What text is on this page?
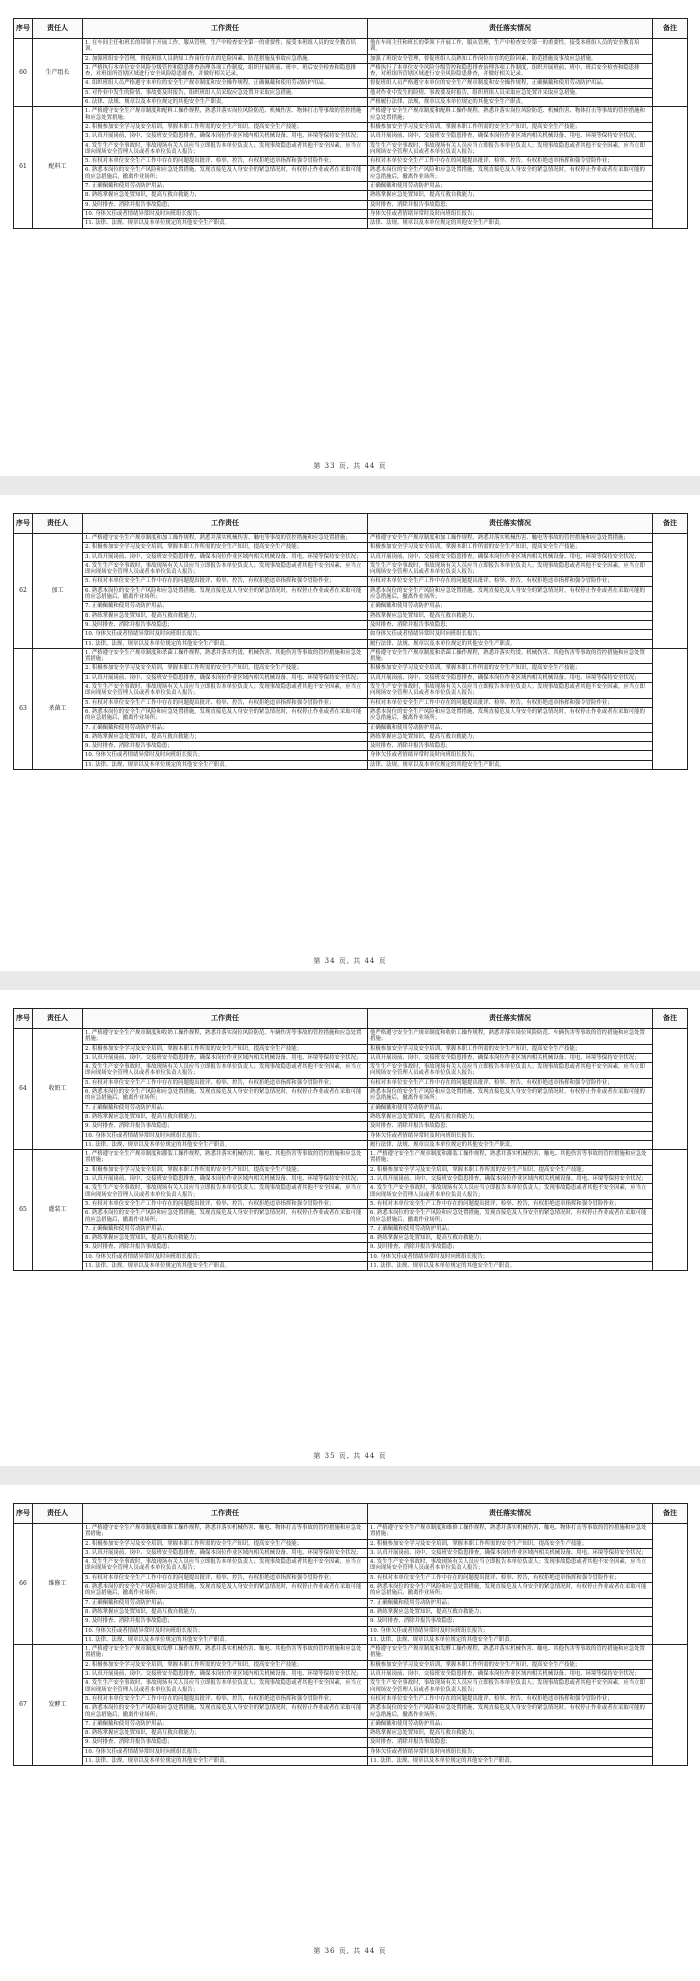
序号	责任人	工作责任	责任落实情况	备注
60	生产组长	1. 在车间主任和班长的带领下开展工作，服从管理，生产中检查安全第一的重要性；接受本班组人员的安全教育培训。	他在车间主任和班长的带领下开展工作，服从管理，生产中检查安全第一的重要性，接受本班组人员的安全教育培训。	
		2. 加强班组安全管理，督促班组人员熟知工作岗位存在的危险因素、防范措施及事故应急措施。	加强了班组安全管理，督促班组人员熟知工作岗位存在的危险因素、防范措施及事故应急措施。	
		3. 严格执行本单位安全风险分级管控和隐患排查治理各项工作制度，组织开展班前、班中、班后安全检查和隐患排查，对班组所管辖区域进行安全风险隐患排查，并做好相关记录。	严格执行了本单位安全风险分级管控和隐患排查治理各项工作制度，组织开展班前、班中、班后安全检查和隐患排查，对班组所管辖区域进行安全风险隐患排查，并做好相关记录。	
		4. 组织班组人员严格遵守本单位的安全生产规章制度和安全操作规程，正确佩戴和使用劳动防护用品。	督促班组人员严格遵守本单位的安全生产规章制度和安全操作规程，正确佩戴和使用劳动防护用品。	
		5. 对作业中发生的险情、事故要及时报告，组织班组人员采取应急处置并采取应急措施。	他对作业中发生的险情、事故要及时报告，组织班组人员采取应急处置并采取应急措施。	
		6. 法律、法规、规章以及本单位规定的其他安全生产职责。	严格履行法律、法规、规章以及本单位规定的其他安全生产职责。	
61	配料工	1. 严格遵守安全生产规章制度和配料工操作规程，熟悉并落实岗位风险防范、机械伤害、物体打击等事故的管控措施和应急处置措施；	严格遵守安全生产规章制度和配料工操作规程，熟悉并落实岗位风险防范、机械伤害、物体打击等事故的管控措施和应急处置措施；	
		2. 积极参加安全学习及安全培训，掌握本职工作所需的安全生产知识，提高安全生产技能；	积极参加安全学习及安全培训，掌握本职工作所需的安全生产知识，提高安全生产技能；	
		3. 认真开展岗前、岗中、交接班安全隐患排查，确保本岗位作业区域内相关机械设备、用电、环境等保持安全状况；	认真开展岗前、岗中、交接班安全隐患排查，确保本岗位作业区域内相关机械设备、用电、环境等保持安全状况；	
		4. 发生生产安全事故时，事故现场有关人员应当立即报告本单位负责人；发现事故隐患或者其他不安全因素，应当立即向现场安全管理人员或者本单位负责人报告；	发生生产安全事故时，事故现场有关人员应当立即报告本单位负责人；发现事故隐患或者其他不安全因素，应当立即向现场安全管理人员或者本单位负责人报告；	
		5. 有权对本单位安全生产工作中存在的问题提出批评、检举、控告，有权拒绝违章指挥和强令冒险作业；	有权对本单位安全生产工作中存在的问题提出批评、检举、控告，有权拒绝违章指挥和强令冒险作业；	
		6. 熟悉本岗位的安全生产风险和应急处置措施，发现直接危及人身安全的紧急情况时，有权停止作业或者在采取可能的应急措施后，撤离作业场所；	熟悉本岗位的安全生产风险和应急处置措施，发现直接危及人身安全的紧急情况时，有权停止作业或者在采取可能的应急措施后，撤离作业场所；	
		7. 正确佩戴和使用劳动防护用品；	正确佩戴和使用劳动防护用品；	
		8. 熟练掌握应急处置知识，提高互救自救能力；	熟练掌握应急处置知识，提高互救自救能力；	
		9. 及时排查、消除并报告事故隐患；	及时排查、消除并报告事故隐患；	
		10. 身体欠佳或者情绪异常时及时向班组长报告；	身体欠佳或者情绪异常时及时向班组长报告；	
		11. 法律、法规、规章以及本单位规定的其他安全生产职责。	法律、法规、规章以及本单位规定的其他安全生产职责。	
第 33 页, 共 44 页
序号	责任人	工作责任	责任落实情况	备注
62	加工	1. 严格遵守安全生产规章制度和加工操作规程，熟悉并落实机械伤害、触电等事故的管控措施和应急处置措施；	严格遵守安全生产规章制度和加工操作规程，熟悉并落实机械伤害、触电等事故的管控措施和应急处置措施；	
		2. 积极参加安全学习及安全培训，掌握本职工作所需的安全生产知识，提高安全生产技能；	积极参加安全学习及安全培训，掌握本职工作所需的安全生产知识，提高安全生产技能；	
		3. 认真开展岗前、岗中、交接班安全隐患排查，确保本岗位作业区域内相关机械设备、用电、环境等保持安全状况；	认真开展岗前、岗中、交接班安全隐患排查，确保本岗位作业区域内相关机械设备、用电、环境等保持安全状况；	
		4. 发生生产安全事故时，事故现场有关人员应当立即报告本单位负责人；发现事故隐患或者其他不安全因素，应当立即向现场安全管理人员或者本单位负责人报告；	发生生产安全事故时，事故现场有关人员应当立即报告本单位负责人；发现事故隐患或者其他不安全因素，应当立即向现场安全管理人员或者本单位负责人报告；	
		5. 有权对本单位安全生产工作中存在的问题提出批评、检举、控告，有权拒绝违章指挥和强令冒险作业；	有权对本单位安全生产工作中存在的问题提出批评、检举、控告，有权拒绝违章指挥和强令冒险作业；	
		6. 熟悉本岗位的安全生产风险和应急处置措施，发现直接危及人身安全的紧急情况时，有权停止作业或者在采取可能的应急措施后，撤离作业场所；	熟悉本岗位的安全生产风险和应急处置措施，发现直接危及人身安全的紧急情况时，有权停止作业或者在采取可能的应急措施后，撤离作业场所；	
		7. 正确佩戴和使用劳动防护用品；	正确佩戴和使用劳动防护用品；	
		8. 熟练掌握应急处置知识，提高互救自救能力；	熟练掌握应急处置知识，提高互救自救能力；	
		9. 及时排查、消除并报告事故隐患；	及时排查、消除并报告事故隐患；	
		10. 身体欠佳或者情绪异常时及时向班组长报告；	如身体欠佳或者情绪异常时及时向班组长报告；	
		11. 法律、法规、规章以及本单位规定的其他安全生产职责。	履行法律、法规、规章以及本单位规定的其他安全生产职责。	
63	杀菌工	1. 严格遵守安全生产规章制度和杀菌工操作规程，熟悉并落实灼烫、机械伤害、其他伤害等事故的管控措施和应急处置措施；	严格遵守安全生产规章制度和杀菌工操作规程，熟悉并落实灼烫、机械伤害、其他伤害等事故的管控措施和应急处置措施；	
		2. 积极参加安全学习及安全培训，掌握本职工作所需的安全生产知识，提高安全生产技能；	积极参加安全学习及安全培训，掌握本职工作所需的安全生产知识，提高安全生产技能；	
		3. 认真开展岗前、岗中、交接班安全隐患排查，确保本岗位作业区域内相关机械设备、用电、环境等保持安全状况；	认真开展岗前、岗中、交接班安全隐患排查，确保本岗位作业区域内相关机械设备、用电、环境等保持安全状况；	
		4. 发生生产安全事故时，事故现场有关人员应当立即报告本单位负责人；发现事故隐患或者其他不安全因素，应当立即向现场安全管理人员或者本单位负责人报告；	发生生产安全事故时，事故现场有关人员应当立即报告本单位负责人；发现事故隐患或者其他不安全因素，应当立即向现场安全管理人员或者本单位负责人报告；	
		5. 有权对本单位安全生产工作中存在的问题提出批评、检举、控告，有权拒绝违章指挥和强令冒险作业；	有权对本单位安全生产工作中存在的问题提出批评、检举、控告，有权拒绝违章指挥和强令冒险作业；	
		6. 熟悉本岗位的安全生产风险和应急处置措施，发现直接危及人身安全的紧急情况时，有权停止作业或者在采取可能的应急措施后，撤离作业场所；	熟悉本岗位的安全生产风险和应急处置措施，发现直接危及人身安全的紧急情况时，有权停止作业或者在采取可能的应急措施后，撤离作业场所；	
		7. 正确佩戴和使用劳动防护用品；	正确佩戴和使用劳动防护用品；	
		8. 熟练掌握应急处置知识，提高互救自救能力；	熟练掌握应急处置知识，提高互救自救能力；	
		9. 及时排查、消除并报告事故隐患；	及时排查、消除并报告事故隐患；	
		10. 身体欠佳或者情绪异常时及时向班组长报告；	身体欠佳或者情绪异常时及时向班组长报告；	
		11. 法律、法规、规章以及本单位规定的其他安全生产职责。	法律、法规、规章以及本单位规定的其他安全生产职责。	
第 34 页, 共 44 页
序号	责任人	工作责任	责任落实情况	备注
64	收奶工	1. 严格遵守安全生产规章制度和收奶工操作规程，熟悉并落实岗位风险防范、车辆伤害等事故的管控措施和应急处置措施；	他严格遵守安全生产规章制度和收奶工操作规程，熟悉并落实岗位风险防范、车辆伤害等事故的管控措施和应急处置措施；	
		2. 积极参加安全学习及安全培训，掌握本职工作所需的安全生产知识，提高安全生产技能；	积极参加安全学习及安全培训，掌握本职工作所需的安全生产知识，提高安全生产技能；	
		3. 认真开展岗前、岗中、交接班安全隐患排查，确保本岗位作业区域内相关机械设备、用电、环境等保持安全状况；	认真开展岗前、岗中、交接班安全隐患排查，确保本岗位作业区域内相关机械设备、用电、环境等保持安全状况；	
		4. 发生生产安全事故时，事故现场有关人员应当立即报告本单位负责人；发现事故隐患或者其他不安全因素，应当立即向现场安全管理人员或者本单位负责人报告；	发生生产安全事故时，事故现场有关人员应当立即报告本单位负责人；发现事故隐患或者其他不安全因素，应当立即向现场安全管理人员或者本单位负责人报告；	
		5. 有权对本单位安全生产工作中存在的问题提出批评、检举、控告，有权拒绝违章指挥和强令冒险作业；	有权对本单位安全生产工作中存在的问题提出批评、检举、控告，有权拒绝违章指挥和强令冒险作业；	
		6. 熟悉本岗位的安全生产风险和应急处置措施，发现直接危及人身安全的紧急情况时，有权停止作业或者在采取可能的应急措施后，撤离作业场所；	熟悉本岗位的安全生产风险和应急处置措施，发现直接危及人身安全的紧急情况时，有权停止作业或者在采取可能的应急措施后，撤离作业场所；	
		7. 正确佩戴和使用劳动防护用品；	正确佩戴和使用劳动防护用品；	
		8. 熟练掌握应急处置知识，提高互救自救能力；	熟练掌握应急处置知识，提高互救自救能力；	
		9. 及时排查、消除并报告事故隐患；	及时排查、消除并报告事故隐患；	
		10. 身体欠佳或者情绪异常时及时向班组长报告；	身体欠佳或者情绪异常时及时向班组长报告；	
		11. 法律、法规、规章以及本单位规定的其他安全生产职责。	履行法律、法规、规章以及本单位规定的其他安全生产职责。	
65	灌装工	1. 严格遵守安全生产规章制度和灌装工操作规程，熟悉并落实机械伤害、触电、其他伤害等事故的管控措施和应急处置措施；	1. 严格遵守安全生产规章制度和灌装工操作规程，熟悉并落实机械伤害、触电、其他伤害等事故的管控措施和应急处置措施；	
		2. 积极参加安全学习及安全培训，掌握本职工作所需的安全生产知识，提高安全生产技能；	2. 积极参加安全学习及安全培训，掌握本职工作所需的安全生产知识，提高安全生产技能；	
		3. 认真开展岗前、岗中、交接班安全隐患排查，确保本岗位作业区域内相关机械设备、用电、环境等保持安全状况；	3. 认真开展岗前、岗中、交接班安全隐患排查，确保本岗位作业区域内相关机械设备、用电、环境等保持安全状况；	
		4. 发生生产安全事故时，事故现场有关人员应当立即报告本单位负责人；发现事故隐患或者其他不安全因素，应当立即向现场安全管理人员或者本单位负责人报告；	4. 发生生产安全事故时，事故现场有关人员应当立即报告本单位负责人；发现事故隐患或者其他不安全因素，应当立即向现场安全管理人员或者本单位负责人报告；	
		5. 有权对本单位安全生产工作中存在的问题提出批评、检举、控告，有权拒绝违章指挥和强令冒险作业；	5. 有权对本单位安全生产工作中存在的问题提出批评、检举、控告，有权拒绝违章指挥和强令冒险作业；	
		6. 熟悉本岗位的安全生产风险和应急处置措施，发现直接危及人身安全的紧急情况时，有权停止作业或者在采取可能的应急措施后，撤离作业场所；	6. 熟悉本岗位的安全生产风险和应急处置措施，发现直接危及人身安全的紧急情况时，有权停止作业或者在采取可能的应急措施后，撤离作业场所；	
		7. 正确佩戴和使用劳动防护用品；	7. 正确佩戴和使用劳动防护用品；	
		8. 熟练掌握应急处置知识，提高互救自救能力；	8. 熟练掌握应急处置知识，提高互救自救能力；	
		9. 及时排查、消除并报告事故隐患；	9. 及时排查、消除并报告事故隐患；	
		10. 身体欠佳或者情绪异常时及时向班组长报告；	10. 身体欠佳或者情绪异常时及时向班组长报告；	
		11. 法律、法规、规章以及本单位规定的其他安全生产职责。	11. 法律、法规、规章以及本单位规定的其他安全生产职责。	
第 35 页, 共 44 页
序号	责任人	工作责任	责任落实情况	备注
66	维修工	1. 严格遵守安全生产规章制度和维修工操作规程，熟悉并落实机械伤害、触电、物体打击等事故的管控措施和应急处置措施；	1. 严格遵守安全生产规章制度和维修工操作规程，熟悉并落实机械伤害、触电、物体打击等事故的管控措施和应急处置措施；	
		2. 积极参加安全学习及安全培训，掌握本职工作所需的安全生产知识，提高安全生产技能；	2. 积极参加安全学习及安全培训，掌握本职工作所需的安全生产知识，提高安全生产技能；	
		3. 认真开展岗前、岗中、交接班安全隐患排查，确保本岗位作业区域内相关机械设备、用电、环境等保持安全状况；	3. 认真开展岗前、岗中、交接班安全隐患排查，确保本岗位作业区域内相关机械设备、用电、环境等保持安全状况；	
		4. 发生生产安全事故时，事故现场有关人员应当立即报告本单位负责人；发现事故隐患或者其他不安全因素，应当立即向现场安全管理人员或者本单位负责人报告；	4. 发生生产安全事故时，事故现场有关人员应当立即报告本单位负责人；发现事故隐患或者其他不安全因素，应当立即向现场安全管理人员或者本单位负责人报告；	
		5. 有权对本单位安全生产工作中存在的问题提出批评、检举、控告，有权拒绝违章指挥和强令冒险作业；	5. 有权对本单位安全生产工作中存在的问题提出批评、检举、控告，有权拒绝违章指挥和强令冒险作业；	
		6. 熟悉本岗位的安全生产风险和应急处置措施，发现直接危及人身安全的紧急情况时，有权停止作业或者在采取可能的应急措施后，撤离作业场所；	6. 熟悉本岗位的安全生产风险和应急处置措施，发现直接危及人身安全的紧急情况时，有权停止作业或者在采取可能的应急措施后，撤离作业场所；	
		7. 正确佩戴和使用劳动防护用品；	7. 正确佩戴和使用劳动防护用品；	
		8. 熟练掌握应急处置知识，提高互救自救能力；	8. 熟练掌握应急处置知识，提高互救自救能力；	
		9. 及时排查、消除并报告事故隐患；	9. 及时排查、消除并报告事故隐患；	
		10. 身体欠佳或者情绪异常时及时向班组长报告；	10. 身体欠佳或者情绪异常时及时向班组长报告；	
		11. 法律、法规、规章以及本单位规定的其他安全生产职责。	11. 法律、法规、规章以及本单位规定的其他安全生产职责。	
67	发酵工	1. 严格遵守安全生产规章制度和发酵工操作规程，熟悉并落实机械伤害、触电、其他伤害等事故的管控措施和应急处置措施；	严格遵守安全生产规章制度和发酵工操作规程，熟悉并落实机械伤害、触电、其他伤害等事故的管控措施和应急处置措施；	
		2. 积极参加安全学习及安全培训，掌握本职工作所需的安全生产知识，提高安全生产技能；	积极参加安全学习及安全培训，掌握本职工作所需的安全生产知识，提高安全生产技能；	
		3. 认真开展岗前、岗中、交接班安全隐患排查，确保本岗位作业区域内相关机械设备、用电、环境等保持安全状况；	认真开展岗前、岗中、交接班安全隐患排查，确保本岗位作业区域内相关机械设备、用电、环境等保持安全状况；	
		4. 发生生产安全事故时，事故现场有关人员应当立即报告本单位负责人；发现事故隐患或者其他不安全因素，应当立即向现场安全管理人员或者本单位负责人报告；	发生生产安全事故时，事故现场有关人员应当立即报告本单位负责人；发现事故隐患或者其他不安全因素，应当立即向现场安全管理人员或者本单位负责人报告；	
		5. 有权对本单位安全生产工作中存在的问题提出批评、检举、控告，有权拒绝违章指挥和强令冒险作业；	有权对本单位安全生产工作中存在的问题提出批评、检举、控告，有权拒绝违章指挥和强令冒险作业；	
		6. 熟悉本岗位的安全生产风险和应急处置措施，发现直接危及人身安全的紧急情况时，有权停止作业或者在采取可能的应急措施后，撤离作业场所；	熟悉本岗位的安全生产风险和应急处置措施，发现直接危及人身安全的紧急情况时，有权停止作业或者在采取可能的应急措施后，撤离作业场所；	
		7. 正确佩戴和使用劳动防护用品；	正确佩戴和使用劳动防护用品；	
		8. 熟练掌握应急处置知识，提高互救自救能力；	熟练掌握应急处置知识，提高互救自救能力；	
		9. 及时排查、消除并报告事故隐患；	及时排查、消除并报告事故隐患；	
		10. 身体欠佳或者情绪异常时及时向班组长报告；	身体欠佳或者情绪异常时及时向班组长报告；	
		11. 法律、法规、规章以及本单位规定的其他安全生产职责。	11. 法律、法规、规章以及本单位规定的其他安全生产职责。	
第 36 页, 共 44 页
